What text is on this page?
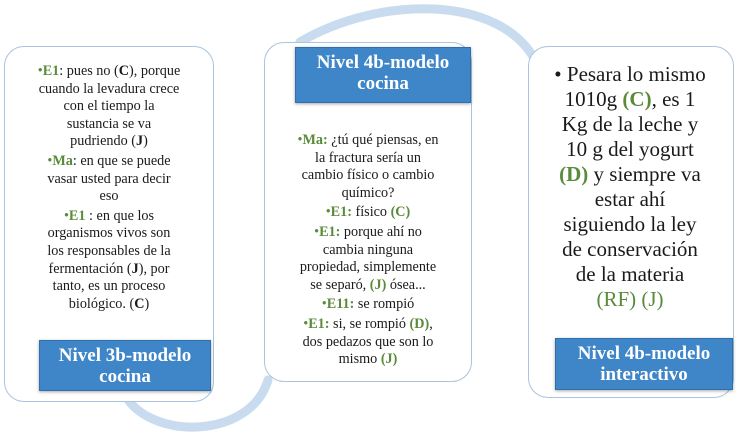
•E1: pues no (C), porque
cuando la levadura crece
con el tiempo la
sustancia se va
pudriendo (J)
•Ma: en que se puede
vasar usted para decir
eso
•E1 : en que los
organismos vivos son
los responsables de la
fermentación (J), por
tanto, es un proceso
biológico. (C)
Nivel 3b-modelo
cocina
Nivel 4b-modelo
cocina
•Ma: ¿tú qué piensas, en
la fractura sería un
cambio físico o cambio
químico?
•E1: físico (C)
•E1: porque ahí no
cambia ninguna
propiedad, simplemente
se separó, (J) ósea...
•E11: se rompió
•E1: si, se rompió (D),
dos pedazos que son lo
mismo (J)
• Pesara lo mismo
1010g (C), es 1
Kg de la leche y
10 g del yogurt
(D) y siempre va
estar ahí
siguiendo la ley
de conservación
de la materia
(RF) (J)
Nivel 4b-modelo
interactivo
